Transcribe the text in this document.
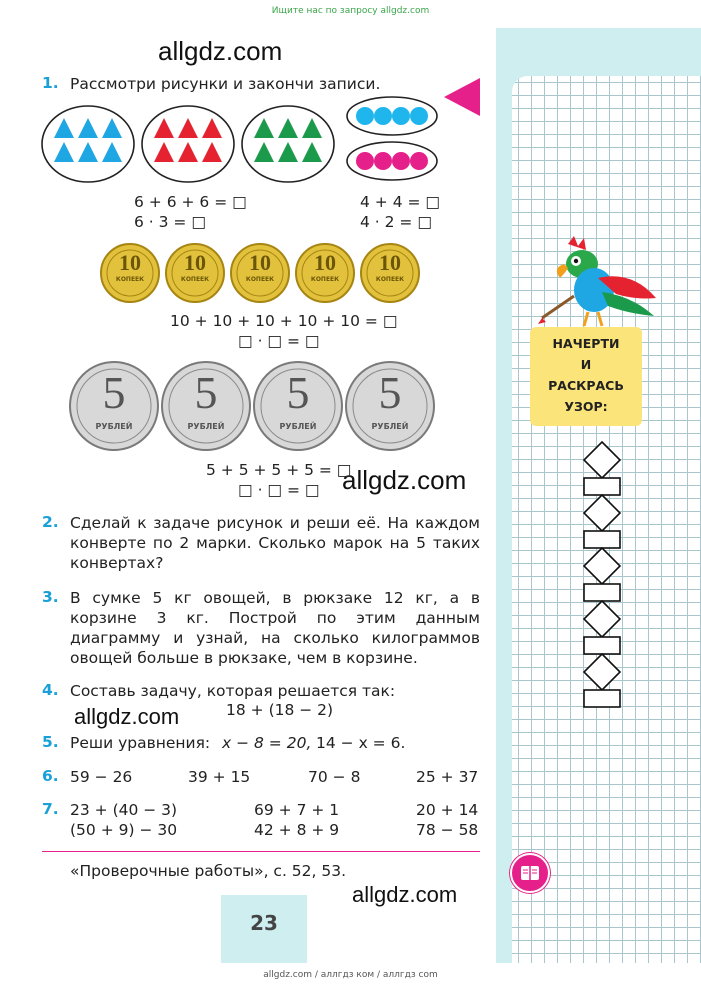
Ищите нас по запросу allgdz.com
allgdz.com
allgdz.com
allgdz.com
allgdz.com
1. Рассмотри рисунки и закончи записи.
6 + 6 + 6 = □
6 · 3 = □
4 + 4 = □
4 · 2 = □
10
КОПЕЕК
10
КОПЕЕК
10
КОПЕЕК
10
КОПЕЕК
10
КОПЕЕК
10 + 10 + 10 + 10 + 10 = □
□ · □ = □
5
РУБЛЕЙ
5
РУБЛЕЙ
5
РУБЛЕЙ
5
РУБЛЕЙ
5 + 5 + 5 + 5 = □
□ · □ = □
2. Сделай к задаче рисунок и реши её. На каждом конверте по 2 марки. Сколько марок на 5 таких конвертах?
3. В сумке 5 кг овощей, в рюкзаке 12 кг, а в корзине 3 кг. Построй по этим данным диаграмму и узнай, на сколько килограммов овощей больше в рюкзаке, чем в корзине.
4. Составь задачу, которая решается так:
18 + (18 − 2)
5. Реши уравнения: x − 8 = 20, 14 − x = 6.
6. 59 − 26	39 + 15	70 − 8	25 + 37
7. 23 + (40 − 3)	69 + 7 + 1	20 + 14
(50 + 9) − 30	42 + 8 + 9	78 − 58
«Проверочные работы», с. 52, 53.
23
НАЧЕРТИ
И
РАСКРАСЬ
УЗОР:
allgdz.com / аллгдз ком / аллгдз com
